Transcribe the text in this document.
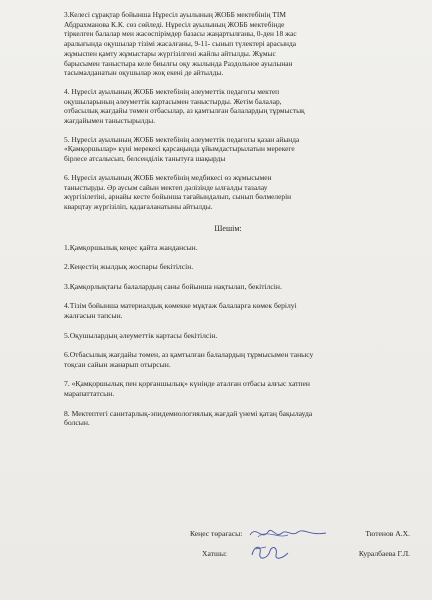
3.Келесі сұрақтар бойынша Нұресіл ауылының ЖОББ мектебінің ТІМ

Абдрахманова К.К. сөз сөйледі. Нұресіл ауылының ЖОББ мектебінде

тіркелген балалар мен жасөспірімдер базасы жаңартылғаны, 0-ден 18 жас

аралығында оқушылар тізімі жасалғаны, 9-11- сынып түлектері арасында

жұмыспен қамту жұмыстары жүргізілгені жайлы айтылды. Жұмыс

барысымен таныстыра келе биылғы оқу жылында Раздольное ауылынан

тасымалданатын оқушылар жоқ екені де айтылды.

4. Нұресіл ауылының ЖОББ мектебінің әлеуметтік педагогы мектеп

оқушыларының әлеуметтік картасымен таныстырды. Жетім балалар,

отбасылық жағдайы төмен отбасылар, аз қамтылған балалардың тұрмыстық

жағдайымен таныстырылды.

5. Нұресіл ауылының ЖОББ мектебінің әлеуметтік педагогы қазан айында

«Қамқоршылар» күні мерекесі қарсаңында ұйымдастырылатын мерекеге

бірлесе атсалысып, белсенділік танытуға шақырды

6. Нұресіл ауылының ЖОББ мектебінің медбикесі өз жұмысымен

таныстырды. Әр аусым сайын мектеп дәлізінде ылғалды тазалау

жүргізілетіні, арнайы кесте бойынша тағайындалып, сынып бөлмелерін

кварцтау жүргізіліп, қадағаланатыны айтылды.

Шешім:

1.Қамқоршылық кеңес қайта жандансын.

2.Кеңестің жылдық жоспары бекітілсін.

3.Қамқорлықтағы балалардың саны бойынша нақтылап, бекітілсін.

4.Тізім бойынша материалдық көмекке мұқтаж балаларға көмек берілуі

жалғасын тапсын.

5.Оқушылардың әлеуметтік картасы бекітілсін.

6.Отбасылық жағдайы төмен, аз қамтылған балалардың тұрмысымен танысу

тоқсан сайын жанарып отырсын.

7. «Қамқоршылық пен қорғаншылық» күнінде аталған отбасы алғыс хатпен

марапаттатсын.

8. Мектептегі санитарлық-эпидемиологиялық жағдай үнемі қатаң бақылауда

болсын.

Кеңес төрағасы:	Тютенов А.Х.
Хатшы:	Куралбаева Г.Л.
